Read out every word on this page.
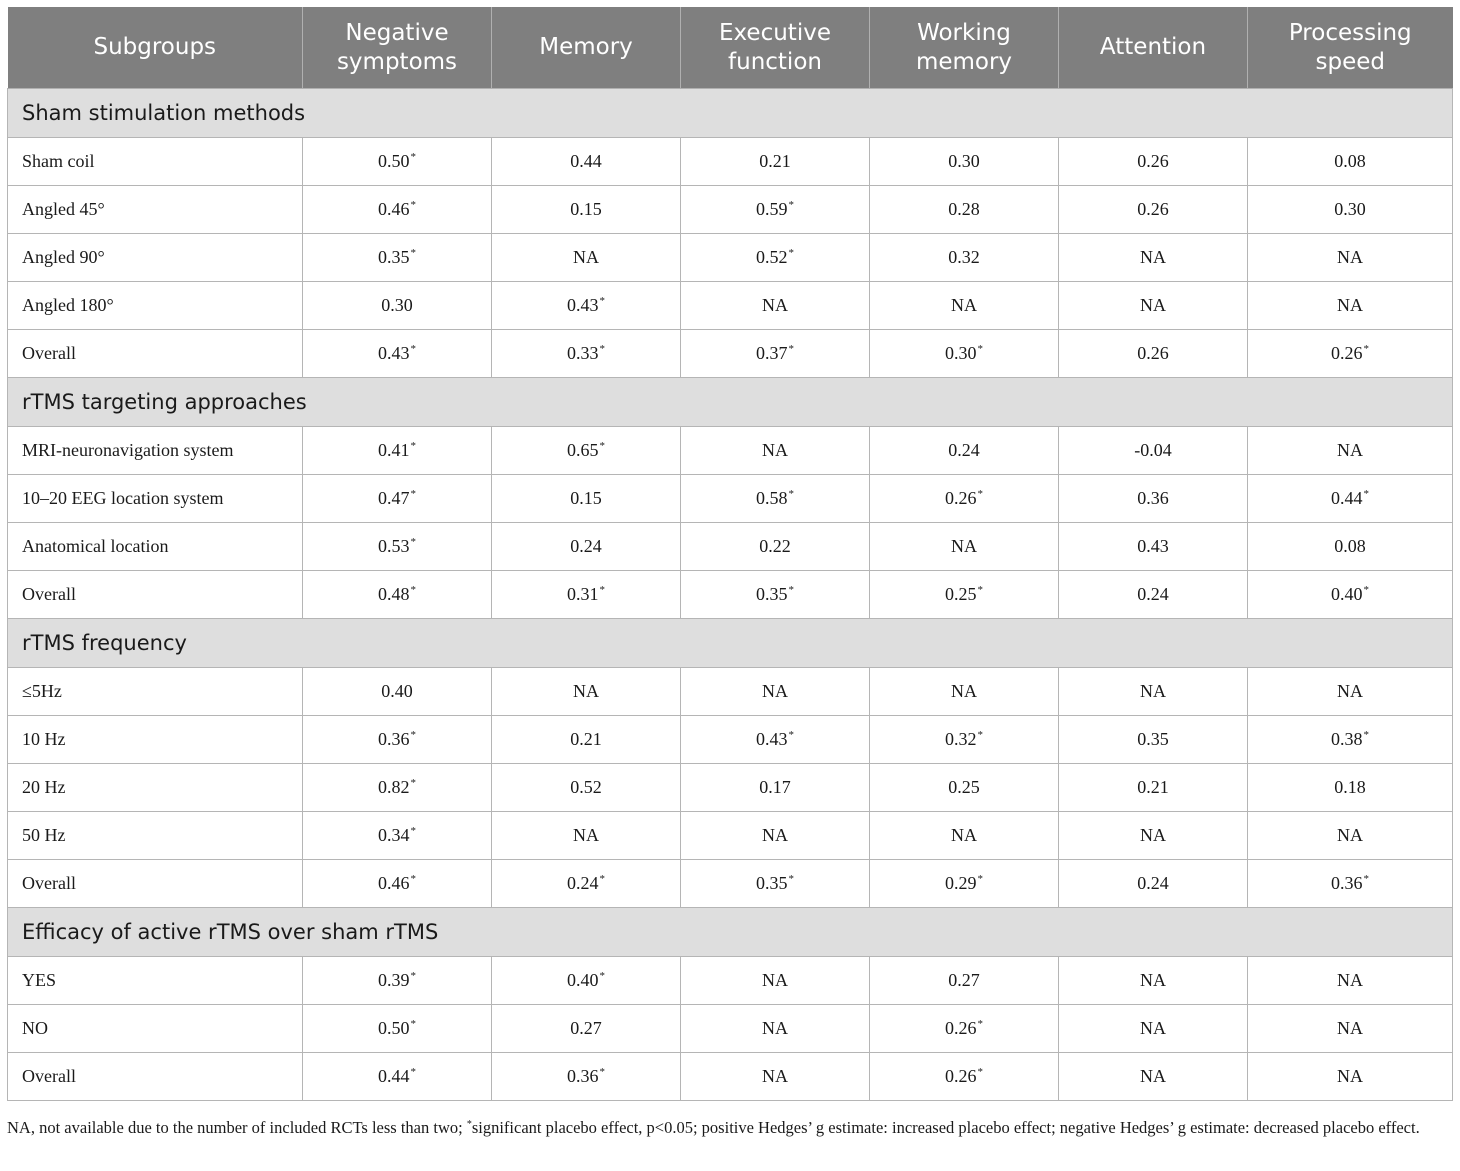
Subgroups	Negative symptoms	Memory	Executive function	Working memory	Attention	Processing speed
Sham stimulation methods						
Sham coil	0.50*	0.44	0.21	0.30	0.26	0.08
Angled 45°	0.46*	0.15	0.59*	0.28	0.26	0.30
Angled 90°	0.35*	NA	0.52*	0.32	NA	NA
Angled 180°	0.30	0.43*	NA	NA	NA	NA
Overall	0.43*	0.33*	0.37*	0.30*	0.26	0.26*
rTMS targeting approaches						
MRI-neuronavigation system	0.41*	0.65*	NA	0.24	-0.04	NA
10–20 EEG location system	0.47*	0.15	0.58*	0.26*	0.36	0.44*
Anatomical location	0.53*	0.24	0.22	NA	0.43	0.08
Overall	0.48*	0.31*	0.35*	0.25*	0.24	0.40*
rTMS frequency						
≤5Hz	0.40	NA	NA	NA	NA	NA
10 Hz	0.36*	0.21	0.43*	0.32*	0.35	0.38*
20 Hz	0.82*	0.52	0.17	0.25	0.21	0.18
50 Hz	0.34*	NA	NA	NA	NA	NA
Overall	0.46*	0.24*	0.35*	0.29*	0.24	0.36*
Efficacy of active rTMS over sham rTMS						
YES	0.39*	0.40*	NA	0.27	NA	NA
NO	0.50*	0.27	NA	0.26*	NA	NA
Overall	0.44*	0.36*	NA	0.26*	NA	NA
NA, not available due to the number of included RCTs less than two; *significant placebo effect, p<0.05; positive Hedges’ g estimate: increased placebo effect; negative Hedges’ g estimate: decreased placebo effect.
